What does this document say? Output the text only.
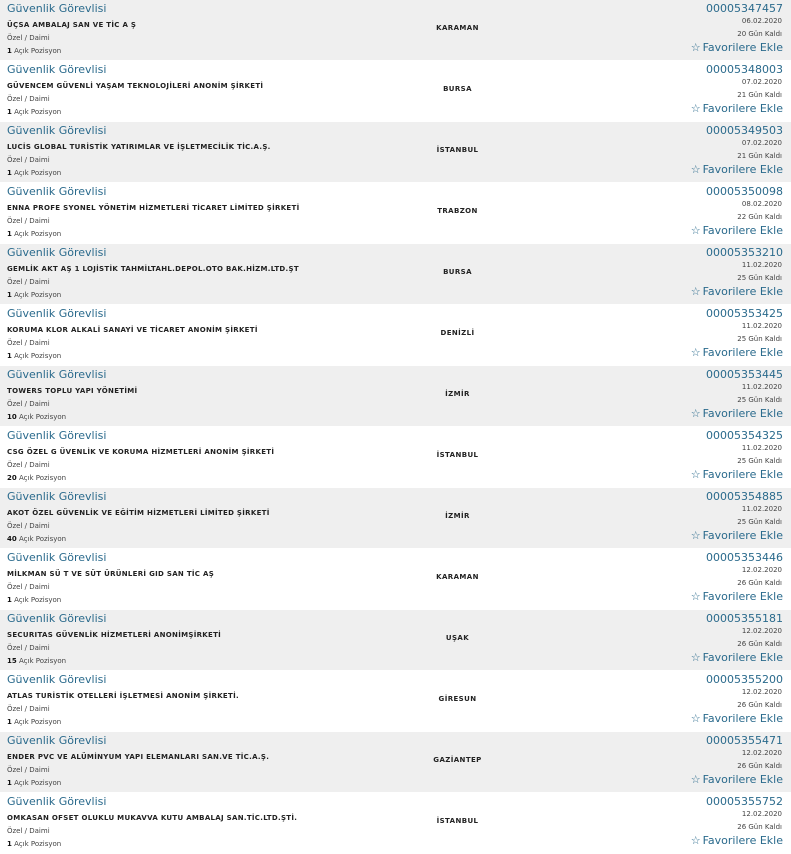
Güvenlik Görevlisi
ÜÇSA AMBALAJ SAN VE TİC A Ş
Özel / Daimi
1 Açık Pozisyon
KARAMAN
00005347457
06.02.2020
20 Gün Kaldı
☆ Favorilere Ekle
Güvenlik Görevlisi
GÜVENCEM GÜVENLİ YAŞAM TEKNOLOJİLERİ ANONİM ŞİRKETİ
Özel / Daimi
1 Açık Pozisyon
BURSA
00005348003
07.02.2020
21 Gün Kaldı
☆ Favorilere Ekle
Güvenlik Görevlisi
LUCİS GLOBAL TURİSTİK YATIRIMLAR VE İŞLETMECİLİK TİC.A.Ş.
Özel / Daimi
1 Açık Pozisyon
İSTANBUL
00005349503
07.02.2020
21 Gün Kaldı
☆ Favorilere Ekle
Güvenlik Görevlisi
ENNA PROFE SYONEL YÖNETİM HİZMETLERİ TİCARET LİMİTED ŞİRKETİ
Özel / Daimi
1 Açık Pozisyon
TRABZON
00005350098
08.02.2020
22 Gün Kaldı
☆ Favorilere Ekle
Güvenlik Görevlisi
GEMLİK AKT AŞ 1 LOJİSTİK TAHMİLTAHL.DEPOL.OTO BAK.HİZM.LTD.ŞT
Özel / Daimi
1 Açık Pozisyon
BURSA
00005353210
11.02.2020
25 Gün Kaldı
☆ Favorilere Ekle
Güvenlik Görevlisi
KORUMA KLOR ALKALİ SANAYİ VE TİCARET ANONİM ŞİRKETİ
Özel / Daimi
1 Açık Pozisyon
DENİZLİ
00005353425
11.02.2020
25 Gün Kaldı
☆ Favorilere Ekle
Güvenlik Görevlisi
TOWERS TOPLU YAPI YÖNETİMİ
Özel / Daimi
10 Açık Pozisyon
İZMİR
00005353445
11.02.2020
25 Gün Kaldı
☆ Favorilere Ekle
Güvenlik Görevlisi
CSG ÖZEL G ÜVENLİK VE KORUMA HİZMETLERİ ANONİM ŞİRKETİ
Özel / Daimi
20 Açık Pozisyon
İSTANBUL
00005354325
11.02.2020
25 Gün Kaldı
☆ Favorilere Ekle
Güvenlik Görevlisi
AKOT ÖZEL GÜVENLİK VE EĞİTİM HİZMETLERİ LİMİTED ŞİRKETİ
Özel / Daimi
40 Açık Pozisyon
İZMİR
00005354885
11.02.2020
25 Gün Kaldı
☆ Favorilere Ekle
Güvenlik Görevlisi
MİLKMAN SÜ T VE SÜT ÜRÜNLERİ GID SAN TİC AŞ
Özel / Daimi
1 Açık Pozisyon
KARAMAN
00005353446
12.02.2020
26 Gün Kaldı
☆ Favorilere Ekle
Güvenlik Görevlisi
SECURITAS GÜVENLİK HİZMETLERİ ANONİMŞİRKETİ
Özel / Daimi
15 Açık Pozisyon
UŞAK
00005355181
12.02.2020
26 Gün Kaldı
☆ Favorilere Ekle
Güvenlik Görevlisi
ATLAS TURİSTİK OTELLERİ İŞLETMESİ ANONİM ŞİRKETİ.
Özel / Daimi
1 Açık Pozisyon
GİRESUN
00005355200
12.02.2020
26 Gün Kaldı
☆ Favorilere Ekle
Güvenlik Görevlisi
ENDER PVC VE ALÜMİNYUM YAPI ELEMANLARI SAN.VE TİC.A.Ş.
Özel / Daimi
1 Açık Pozisyon
GAZİANTEP
00005355471
12.02.2020
26 Gün Kaldı
☆ Favorilere Ekle
Güvenlik Görevlisi
OMKASAN OFSET OLUKLU MUKAVVA KUTU AMBALAJ SAN.TİC.LTD.ŞTİ.
Özel / Daimi
1 Açık Pozisyon
İSTANBUL
00005355752
12.02.2020
26 Gün Kaldı
☆ Favorilere Ekle
